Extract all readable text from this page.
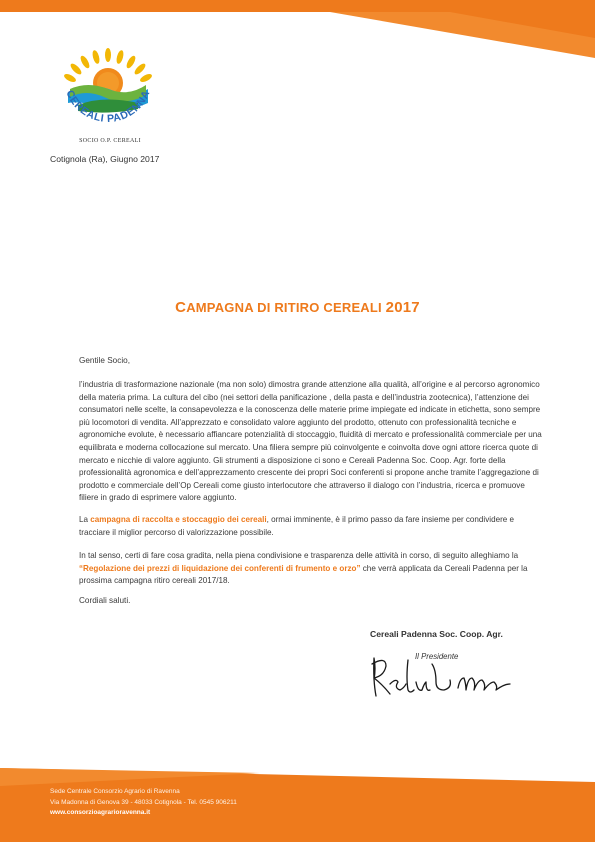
CEREALI PADENNA
SOCIO O.P. CEREALI
Cotignola (Ra), Giugno 2017
CAMPAGNA DI RITIRO CEREALI 2017
Gentile Socio,
l’industria di trasformazione nazionale (ma non solo) dimostra grande attenzione alla qualità, all’origine e al percorso agronomico della materia prima. La cultura del cibo (nei settori della panificazione , della pasta e dell’industria zootecnica), l’attenzione dei consumatori nelle scelte, la consapevolezza e la conoscenza delle materie prime impiegate ed indicate in etichetta, sono sempre più locomotori di vendita. All’apprezzato e consolidato valore aggiunto del prodotto, ottenuto con professionalità tecniche e agronomiche evolute, è necessario affiancare potenzialità di stoccaggio, fluidità di mercato e professionalità commerciale per una equilibrata e moderna collocazione sul mercato. Una filiera sempre più coinvolgente e coinvolta dove ogni attore ricerca quote di mercato e nicchie di valore aggiunto. Gli strumenti a disposizione ci sono e Cereali Padenna Soc. Coop. Agr. forte della professionalità agronomica e dell’apprezzamento crescente dei propri Soci conferenti si propone anche tramite l’aggregazione di prodotto e commerciale dell’Op Cereali come giusto interlocutore che attraverso il dialogo con l’industria, ricerca e promuove filiere in grado di esprimere valore aggiunto.
La campagna di raccolta e stoccaggio dei cereali, ormai imminente, è il primo passo da fare insieme per condividere e tracciare il miglior percorso di valorizzazione possibile.
In tal senso, certi di fare cosa gradita, nella piena condivisione e trasparenza delle attività in corso, di seguito alleghiamo la “Regolazione dei prezzi di liquidazione dei conferenti di frumento e orzo” che verrà applicata da Cereali Padenna per la prossima campagna ritiro cereali 2017/18.
Cordiali saluti.
Cereali Padenna Soc. Coop. Agr.
Il Presidente
Sede Centrale Consorzio Agrario di Ravenna
Via Madonna di Genova 39 - 48033 Cotignola - Tel. 0545 906211
www.consorzioagrarioravenna.it
